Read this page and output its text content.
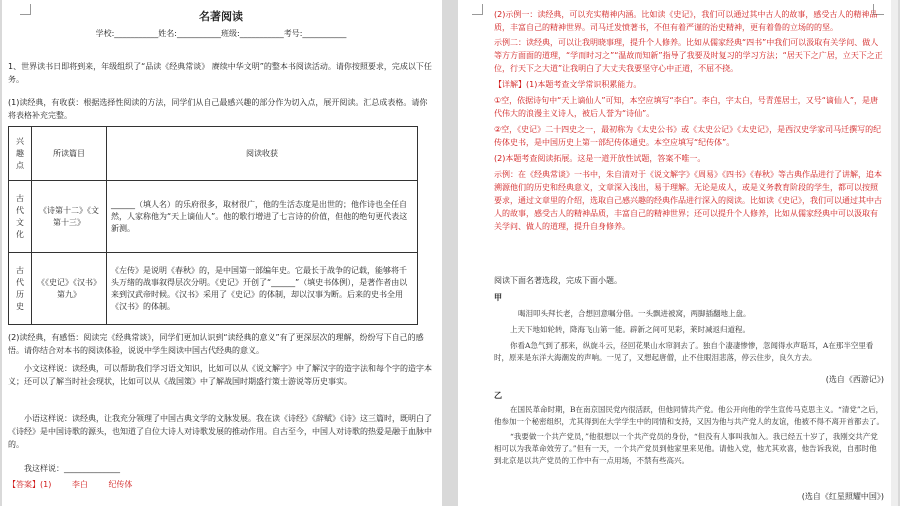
名著阅读
学校:___________姓名:___________班级:___________考号:___________
1、世界读书日即将到来，年级组织了“品读《经典常谈》 赓续中华文明”的整本书阅读活动。请你按照要求，完成以下任务。
(1)读经典，有收获：根据选择性阅读的方法，同学们从自己最感兴趣的部分作为切入点，展开阅读。汇总成表格。请你将表格补充完整。
兴趣点	所读篇目	阅读收获
古代文化	《诗第十二》《文第十三》	______（填人名）的乐府很多，取材很广，他的生活态度是出世的；他作诗也全任自然，人家称他为“天上谪仙人”。他的歌行增进了七言诗的价值，但他的绝句更代表这新测。
古代历史	《《史记》《汉书》第九》	《左传》是说明《春秋》的，是中国第一部编年史。它最长于战争的记载，能够将千头万绪的战事叙得层次分明。《史记》开创了“______”（填史书体例），是著作者由以来到汉武帝时候。《汉书》采用了《史记》的体制，却以汉事为断。后来的史书全用《汉书》的体制。
(2)读经典，有感悟：阅读完《经典常谈》，同学们更加认识到“读经典的意义”有了更深层次的理解，纷纷写下自己的感悟。请你结合对本书的阅读体验，说说中学生阅读中国古代经典的意义。
小文这样说：读经典，可以帮助我们学习语文知识，比如可以从《说文解字》中了解汉字的造字法和每个字的造字本义；还可以了解当时社会现状，比如可以从《战国策》中了解战国时期盛行策士游说等历史事实。
小语这样说：读经典，让我充分领理了中国古典文学的文脉发展。我在读《诗经》《辞赋》《诗》这三篇时，既明白了《诗经》是中国诗歌的源头，也知道了自位大诗人对诗歌发展的推动作用。自古至今，中国人对诗歌的热爱是融于血脉中的。
我这样说：______________
【答案】(1)	李白	纪传体
(2)示例一：读经典，可以充实精神内涵。比如读《史记》，我们可以通过其中古人的故事，感受古人的精神品质，丰富自己的精神世界。司马迁发愤著书，不但有着严谨的治史精神，更有着鲁的立场的的坚。
示例二：读经典，可以让我明晓事理，提升个人修养。比如从儒家经典“四书”中我们可以汲取有关学问、做人等方方面面的道理，“学而时习之”“温故而知新”指导了我要及时复习的学习方法；“居天下之广居，立天下之正位，行天下之大道”让我明白了大丈夫我要坚守心中正道，不屈不挠。
【详解】(1)本题考查文学常识积累能力。
①空，依据诗句中“天上谪仙人”可知，本空应填写“李白”。李白，字太白，号青莲居士，又号“谪仙人”，是唐代伟大的浪漫主义诗人，被后人誉为“诗仙”。
②空，《史记》二十四史之一，最初称为《太史公书》或《太史公记》《太史记》，是西汉史学家司马迁撰写的纪传体史书，是中国历史上第一部纪传体通史。本空应填写“纪传体”。
(2)本题考查阅读拓展。这是一道开放性试题，答案不唯一。
示例：在《经典常谈》一书中，朱自清对于《说文解字》《周易》《四书》《春秋》等古典作品进行了讲解，追本溯源他们的历史和经典意义，文章深入浅出，易于理解。无论是成人，或是义务教育阶段的学生，都可以按照要求，通过文章里的介绍，选取自己感兴趣的经典作品进行深入的阅读。比如读《史记》，我们可以通过其中古人的故事，感受古人的精神品质，丰富自己的精神世界；还可以提升个人修养，比如从儒家经典中可以汲取有关学问、做人的道理，提升自身修养。
阅读下面名著选段，完成下面小题。
甲
喝泪叩头拜长老，合想回意嘱分借。一头飘进被窝，两脚插翻地上盘。
上天下地如轮转，降海飞山第一能。辟新之间可见彩，莱时减返归道程。
你看A急气到了那来，纵旋斗云，径回花果山水帘洞去了。独自个凄凄惨惨，忽闻得水声聒耳，A在那半空里看时，原来是东洋大海潮发的声响。一见了，又想起唐僧，止不住眼泪悲落，停云住步，良久方去。
(选自《西游记》)
乙
在国民革命时期，B在南京国民党内很活跃，但他同情共产党。他公开向他的学生宣传马克思主义。“清党”之后，他参加一个秘密组织，尤其得到在大学学生中的同情和支持，又因为他与共产党人的友谊，他被不得不离开首都去了。
“我要做一个共产党员，”他很想以一个共产党员的身份，“但没有人事叫我加入。我已经五十岁了，我刚交共产党相可以为我革命效劳了。”但有一天，一个共产党员到他家里来见他。请他入党，他尤其欢喜，他告诉我说，自那时他到北京是以共产党员的工作中有一点用场，不禁有些高兴。
(选自《红星照耀中国》)
